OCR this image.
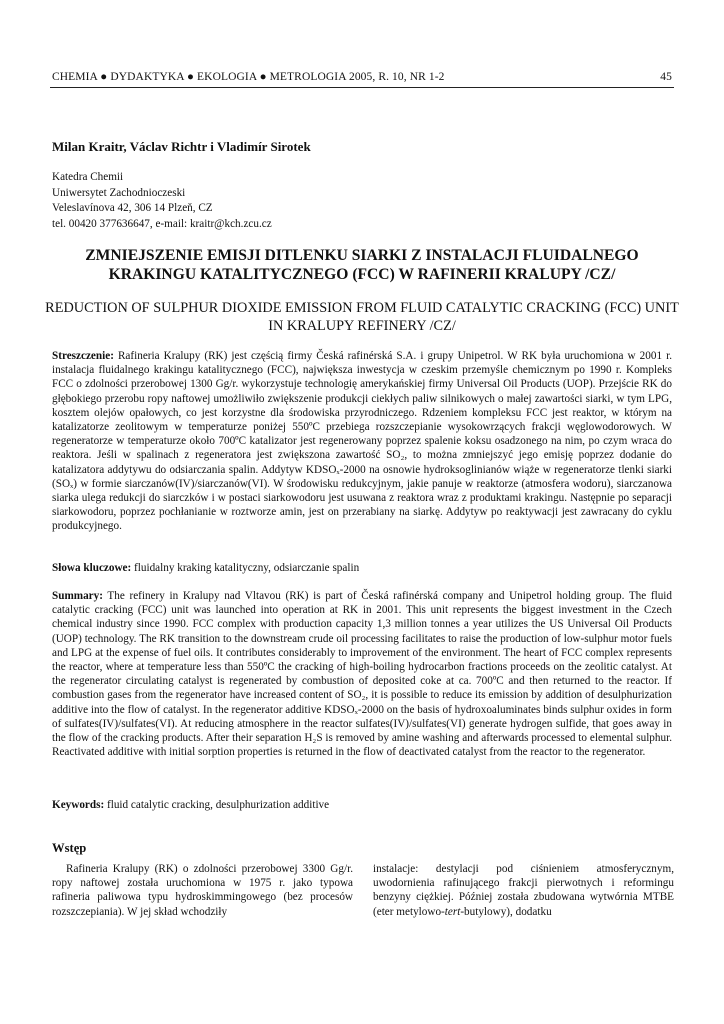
CHEMIA ● DYDAKTYKA ● EKOLOGIA ● METROLOGIA 2005, R. 10, NR 1-2	45
Milan Kraitr, Václav Richtr i Vladimír Sirotek
Katedra Chemii
Uniwersytet Zachodnioczeski
Veleslavínova 42, 306 14 Plzeň, CZ
tel. 00420 377636647, e-mail: kraitr@kch.zcu.cz
ZMNIEJSZENIE EMISJI DITLENKU SIARKI Z INSTALACJI FLUIDALNEGO KRAKINGU KATALITYCZNEGO (FCC) W RAFINERII KRALUPY /CZ/
REDUCTION OF SULPHUR DIOXIDE EMISSION FROM FLUID CATALYTIC CRACKING (FCC) UNIT IN KRALUPY REFINERY /CZ/
Streszczenie: Rafineria Kralupy (RK) jest częścią firmy Česká rafinérská S.A. i grupy Unipetrol. W RK była uruchomiona w 2001 r. instalacja fluidalnego krakingu katalitycznego (FCC), największa inwestycja w czeskim przemyśle chemicznym po 1990 r. Kompleks FCC o zdolności przerobowej 1300 Gg/r. wykorzystuje technologię amerykańskiej firmy Universal Oil Products (UOP). Przejście RK do głębokiego przerobu ropy naftowej umożliwiło zwiększenie produkcji ciekłych paliw silnikowych o małej zawartości siarki, w tym LPG, kosztem olejów opałowych, co jest korzystne dla środowiska przyrodniczego. Rdzeniem kompleksu FCC jest reaktor, w którym na katalizatorze zeolitowym w temperaturze poniżej 550ºC przebiega rozszczepianie wysokowrzących frakcji węglowodorowych. W regeneratorze w temperaturze około 700ºC katalizator jest regenerowany poprzez spalenie koksu osadzonego na nim, po czym wraca do reaktora. Jeśli w spalinach z regeneratora jest zwiększona zawartość SO₂, to można zmniejszyć jego emisję poprzez dodanie do katalizatora addytywu do odsiarczania spalin. Addytyw KDSOₓ-2000 na osnowie hydroksoglinianów wiąże w regeneratorze tlenki siarki (SOₓ) w formie siarczanów(IV)/siarczanów(VI). W środowisku redukcyjnym, jakie panuje w reaktorze (atmosfera wodoru), siarczanowa siarka ulega redukcji do siarczków i w postaci siarkowodoru jest usuwana z reaktora wraz z produktami krakingu. Następnie po separacji siarkowodoru, poprzez pochłanianie w roztworze amin, jest on przerabiany na siarkę. Addytyw po reaktywacji jest zawracany do cyklu produkcyjnego.
Słowa kluczowe: fluidalny kraking katalityczny, odsiarczanie spalin
Summary: The refinery in Kralupy nad Vltavou (RK) is part of Česká rafinérská company and Unipetrol holding group. The fluid catalytic cracking (FCC) unit was launched into operation at RK in 2001. This unit represents the biggest investment in the Czech chemical industry since 1990. FCC complex with production capacity 1,3 million tonnes a year utilizes the US Universal Oil Products (UOP) technology. The RK transition to the downstream crude oil processing facilitates to raise the production of low-sulphur motor fuels and LPG at the expense of fuel oils. It contributes considerably to improvement of the environment. The heart of FCC complex represents the reactor, where at temperature less than 550ºC the cracking of high-boiling hydrocarbon fractions proceeds on the zeolitic catalyst. At the regenerator circulating catalyst is regenerated by combustion of deposited coke at ca. 700ºC and then returned to the reactor. If combustion gases from the regenerator have increased content of SO₂, it is possible to reduce its emission by addition of desulphurization additive into the flow of catalyst. In the regenerator additive KDSOₓ-2000 on the basis of hydroxoaluminates binds sulphur oxides in form of sulfates(IV)/sulfates(VI). At reducing atmosphere in the reactor sulfates(IV)/sulfates(VI) generate hydrogen sulfide, that goes away in the flow of the cracking products. After their separation H₂S is removed by amine washing and afterwards processed to elemental sulphur. Reactivated additive with initial sorption properties is returned in the flow of deactivated catalyst from the reactor to the regenerator.
Keywords: fluid catalytic cracking, desulphurization additive
Wstęp
Rafineria Kralupy (RK) o zdolności przerobowej 3300 Gg/r. ropy naftowej została uruchomiona w 1975 r. jako typowa rafineria paliwowa typu hydroskimmingowego (bez procesów rozszczepiania). W jej skład wchodziły
instalacje: destylacji pod ciśnieniem atmosferycznym, uwodornienia rafinującego frakcji pierwotnych i reformingu benzyny ciężkiej. Później została zbudowana wytwórnia MTBE (eter metylowo-tert-butylowy), dodatku
